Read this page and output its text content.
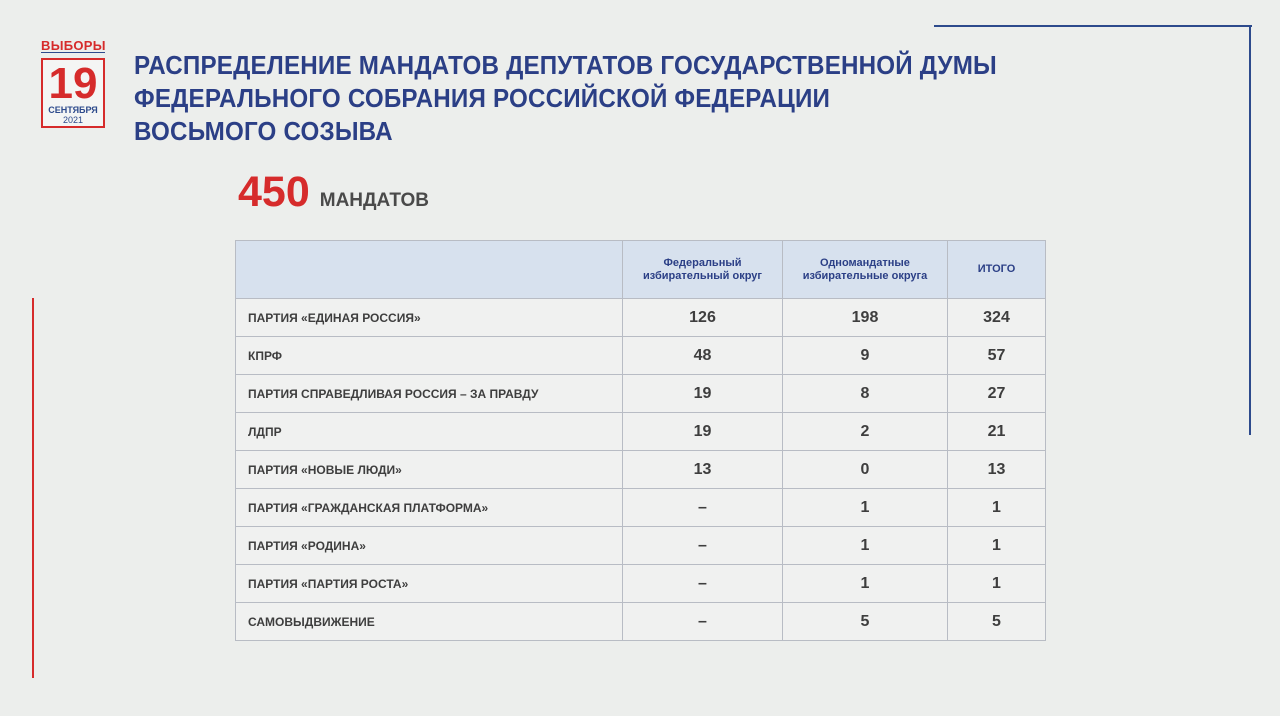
ВЫБОРЫ
19
СЕНТЯБРЯ
2021
РАСПРЕДЕЛЕНИЕ МАНДАТОВ ДЕПУТАТОВ ГОСУДАРСТВЕННОЙ ДУМЫ
ФЕДЕРАЛЬНОГО СОБРАНИЯ РОССИЙСКОЙ ФЕДЕРАЦИИ
ВОСЬМОГО СОЗЫВА
450 МАНДАТОВ
	Федеральный избирательный округ	Одномандатные избирательные округа	ИТОГО
ПАРТИЯ «ЕДИНАЯ РОССИЯ»	126	198	324
КПРФ	48	9	57
ПАРТИЯ СПРАВЕДЛИВАЯ РОССИЯ – ЗА ПРАВДУ	19	8	27
ЛДПР	19	2	21
ПАРТИЯ «НОВЫЕ ЛЮДИ»	13	0	13
ПАРТИЯ «ГРАЖДАНСКАЯ ПЛАТФОРМА»	–	1	1
ПАРТИЯ «РОДИНА»	–	1	1
ПАРТИЯ «ПАРТИЯ РОСТА»	–	1	1
САМОВЫДВИЖЕНИЕ	–	5	5
